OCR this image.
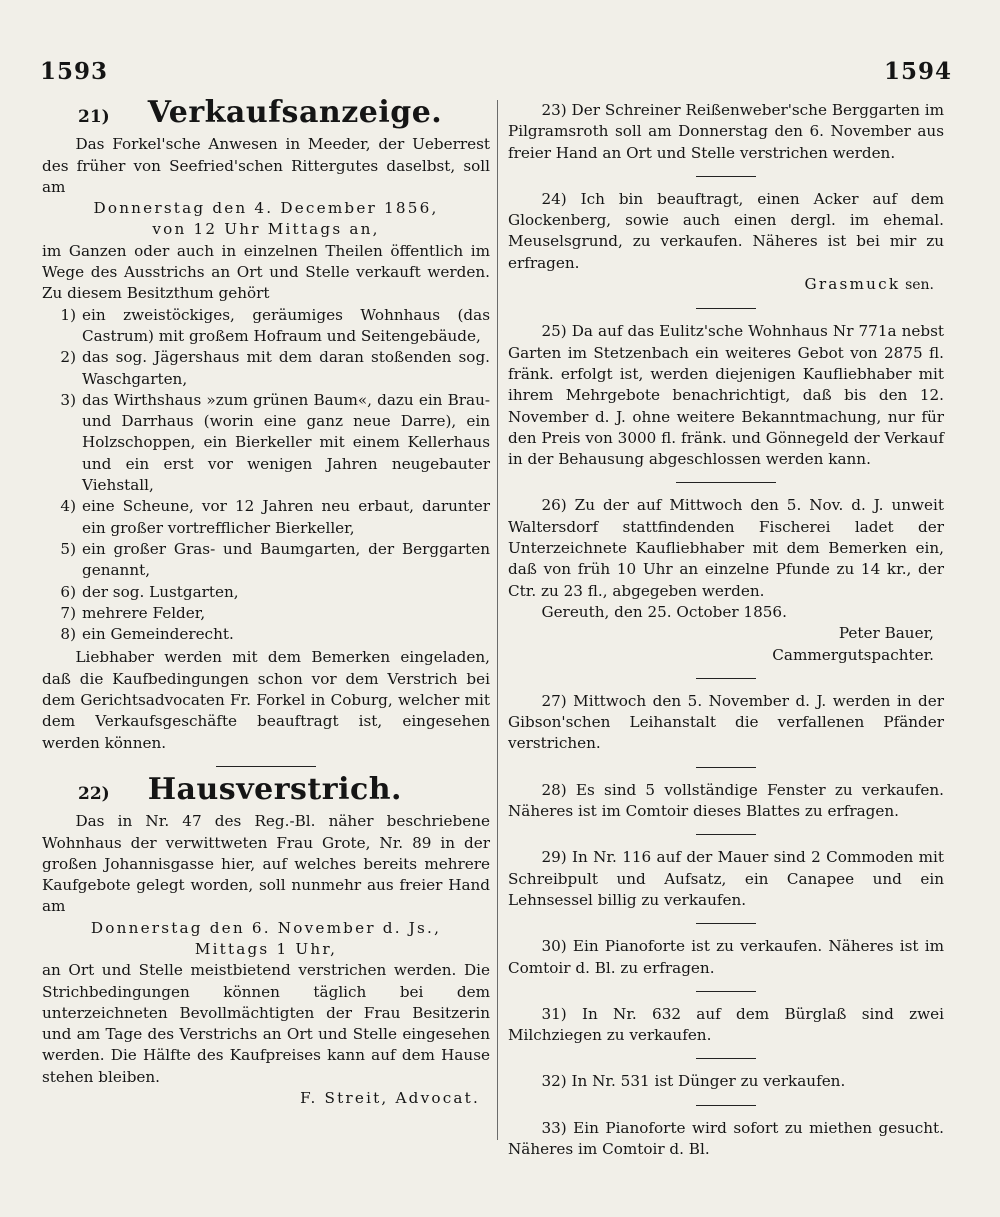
1593	1594
21) Verkaufsanzeige.

Das Forkel'sche Anwesen in Meeder, der Ueberrest des früher von Seefried'schen Rittergutes daselbst, soll am

Donnerstag den 4. December 1856,

von 12 Uhr Mittags an,

im Ganzen oder auch in einzelnen Theilen öffentlich im Wege des Ausstrichs an Ort und Stelle verkauft werden. Zu diesem Besitzthum gehört

1) ein zweistöckiges, geräumiges Wohnhaus (das Castrum) mit großem Hofraum und Seitengebäude,
2) das sog. Jägershaus mit dem daran stoßenden sog. Waschgarten,
3) das Wirthshaus »zum grünen Baum«, dazu ein Brau- und Darrhaus (worin eine ganz neue Darre), ein Holzschoppen, ein Bierkeller mit einem Kellerhaus und ein erst vor wenigen Jahren neugebauter Viehstall,
4) eine Scheune, vor 12 Jahren neu erbaut, darunter ein großer vortrefflicher Bierkeller,
5) ein großer Gras- und Baumgarten, der Berggarten genannt,
6) der sog. Lustgarten,
7) mehrere Felder,
8) ein Gemeinderecht.

Liebhaber werden mit dem Bemerken eingeladen, daß die Kaufbedingungen schon vor dem Verstrich bei dem Gerichtsadvocaten Fr. Forkel in Coburg, welcher mit dem Verkaufsgeschäfte beauftragt ist, eingesehen werden können.

22) Hausverstrich.

Das in Nr. 47 des Reg.-Bl. näher beschriebene Wohnhaus der verwittweten Frau Grote, Nr. 89 in der großen Johannisgasse hier, auf welches bereits mehrere Kaufgebote gelegt worden, soll nunmehr aus freier Hand am

Donnerstag den 6. November d. Js.,

Mittags 1 Uhr,

an Ort und Stelle meistbietend verstrichen werden. Die Strichbedingungen können täglich bei dem unterzeichneten Bevollmächtigten der Frau Besitzerin und am Tage des Verstrichs an Ort und Stelle eingesehen werden. Die Hälfte des Kaufpreises kann auf dem Hause stehen bleiben.

F. Streit, Advocat.

23) Der Schreiner Reißenweber'sche Berggarten im Pilgramsroth soll am Donnerstag den 6. November aus freier Hand an Ort und Stelle verstrichen werden.

24) Ich bin beauftragt, einen Acker auf dem Glockenberg, sowie auch einen dergl. im ehemal. Meuselsgrund, zu verkaufen. Näheres ist bei mir zu erfragen.

Grasmuck sen.

25) Da auf das Eulitz'sche Wohnhaus Nr 771a nebst Garten im Stetzenbach ein weiteres Gebot von 2875 fl. fränk. erfolgt ist, werden diejenigen Kaufliebhaber mit ihrem Mehrgebote benachrichtigt, daß bis den 12. November d. J. ohne weitere Bekanntmachung, nur für den Preis von 3000 fl. fränk. und Gönnegeld der Verkauf in der Behausung abgeschlossen werden kann.

26) Zu der auf Mittwoch den 5. Nov. d. J. unweit Waltersdorf stattfindenden Fischerei ladet der Unterzeichnete Kaufliebhaber mit dem Bemerken ein, daß von früh 10 Uhr an einzelne Pfunde zu 14 kr., der Ctr. zu 23 fl., abgegeben werden.

Gereuth, den 25. October 1856.

Peter Bauer,

Cammergutspachter.

27) Mittwoch den 5. November d. J. werden in der Gibson'schen Leihanstalt die verfallenen Pfänder verstrichen.

28) Es sind 5 vollständige Fenster zu verkaufen. Näheres ist im Comtoir dieses Blattes zu erfragen.

29) In Nr. 116 auf der Mauer sind 2 Commoden mit Schreibpult und Aufsatz, ein Canapee und ein Lehnsessel billig zu verkaufen.

30) Ein Pianoforte ist zu verkaufen. Näheres ist im Comtoir d. Bl. zu erfragen.

31) In Nr. 632 auf dem Bürglaß sind zwei Milchziegen zu verkaufen.

32) In Nr. 531 ist Dünger zu verkaufen.

33) Ein Pianoforte wird sofort zu miethen gesucht. Näheres im Comtoir d. Bl.
